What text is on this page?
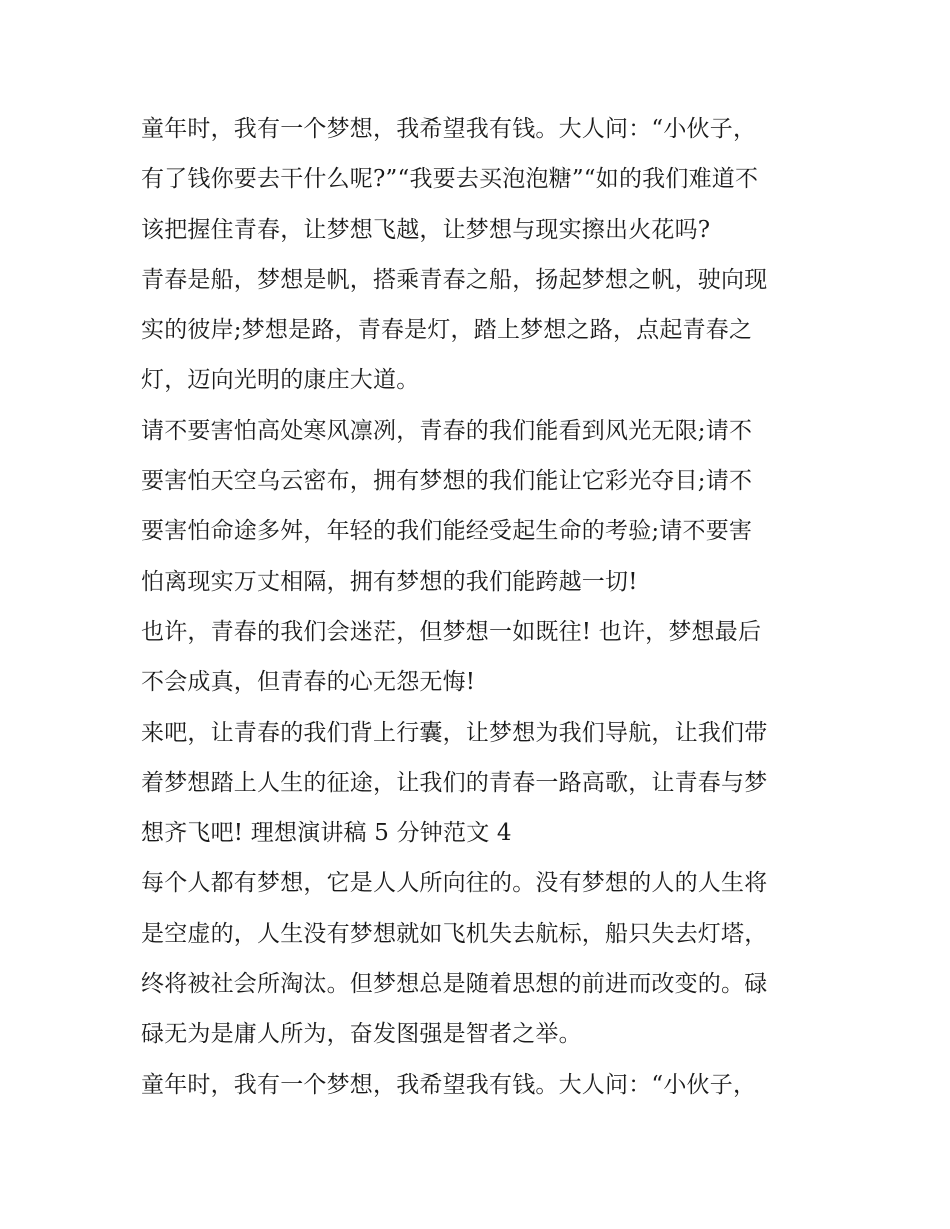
童年时，我有一个梦想，我希望我有钱。大人问：“小伙子，
有了钱你要去干什么呢?”“我要去买泡泡糖”“如的我们难道不
该把握住青春，让梦想飞越，让梦想与现实擦出火花吗?
青春是船，梦想是帆，搭乘青春之船，扬起梦想之帆，驶向现
实的彼岸;梦想是路，青春是灯，踏上梦想之路，点起青春之
灯，迈向光明的康庄大道。
请不要害怕高处寒风凛冽，青春的我们能看到风光无限;请不
要害怕天空乌云密布，拥有梦想的我们能让它彩光夺目;请不
要害怕命途多舛，年轻的我们能经受起生命的考验;请不要害
怕离现实万丈相隔，拥有梦想的我们能跨越一切!
也许，青春的我们会迷茫，但梦想一如既往! 也许，梦想最后
不会成真，但青春的心无怨无悔!
来吧，让青春的我们背上行囊，让梦想为我们导航，让我们带
着梦想踏上人生的征途，让我们的青春一路高歌，让青春与梦
想齐飞吧! 理想演讲稿 5 分钟范文 4
每个人都有梦想，它是人人所向往的。没有梦想的人的人生将
是空虚的，人生没有梦想就如飞机失去航标，船只失去灯塔，
终将被社会所淘汰。但梦想总是随着思想的前进而改变的。碌
碌无为是庸人所为，奋发图强是智者之举。
童年时，我有一个梦想，我希望我有钱。大人问：“小伙子，
